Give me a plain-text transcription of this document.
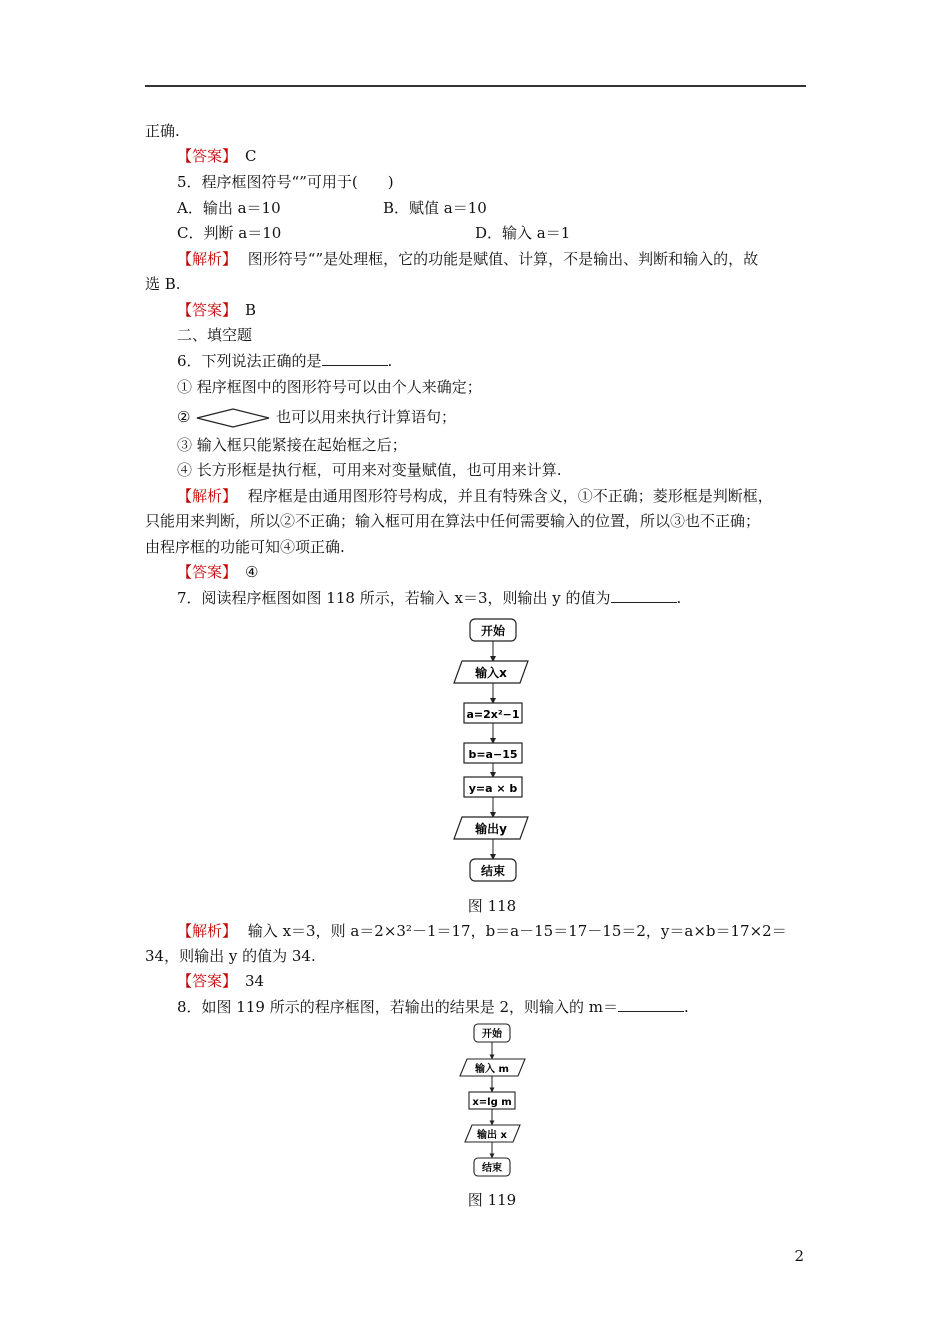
正确.
【答案】 C
5．程序框图符号“”可用于(　　)
A．输出 a＝10	B．赋值 a＝10
C．判断 a＝10	D．输入 a＝1
【解析】 图形符号“”是处理框，它的功能是赋值、计算，不是输出、判断和输入的，故
选 B.
【答案】 B
二、填空题
6．下列说法正确的是	.
① 程序框图中的图形符号可以由个人来确定；
②	也可以用来执行计算语句；
③ 输入框只能紧接在起始框之后；
④ 长方形框是执行框，可用来对变量赋值，也可用来计算.
【解析】 程序框是由通用图形符号构成，并且有特殊含义，①不正确；菱形框是判断框，
只能用来判断，所以②不正确；输入框可用在算法中任何需要输入的位置，所以③也不正确；
由程序框的功能可知④项正确.
【答案】 ④
7．阅读程序框图如图 118 所示，若输入 x＝3，则输出 y 的值为	.
开始
输入x
a=2x²−1
b=a−15
y=a × b
输出y
结束
图 118
【解析】 输入 x＝3，则 a＝2×3²－1＝17，b＝a－15＝17－15＝2，y＝a×b＝17×2＝
34，则输出 y 的值为 34.
【答案】 34
8．如图 119 所示的程序框图，若输出的结果是 2，则输入的 m＝	.
开始
输入 m
x=lg m
输出 x
结束
图 119
2
